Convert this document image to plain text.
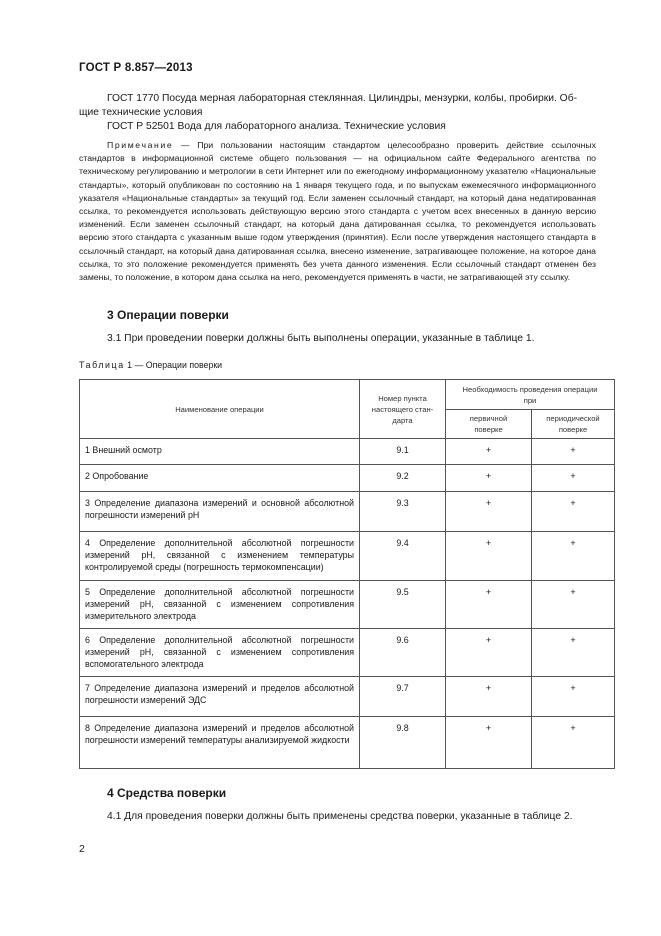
ГОСТ Р 8.857—2013
ГОСТ 1770 Посуда мерная лабораторная стеклянная. Цилиндры, мензурки, колбы, пробирки. Об-
щие технические условия
ГОСТ Р 52501 Вода для лабораторного анализа. Технические условия
Примечание — При пользовании настоящим стандартом целесообразно проверить действие ссылочных стандартов в информационной системе общего пользования — на официальном сайте Федерального агентства по техническому регулированию и метрологии в сети Интернет или по ежегодному информационному указателю «Национальные стандарты», который опубликован по состоянию на 1 января текущего года, и по выпускам ежемесячного информационного указателя «Национальные стандарты» за текущий год. Если заменен ссылочный стандарт, на который дана недатированная ссылка, то рекомендуется использовать действующую версию этого стандарта с учетом всех внесенных в данную версию изменений. Если заменен ссылочный стандарт, на который дана датированная ссылка, то рекомендуется использовать версию этого стандарта с указанным выше годом утверждения (принятия). Если после утверждения настоящего стандарта в ссылочный стандарт, на который дана датированная ссылка, внесено изменение, затрагивающее положение, на которое дана ссылка, то это положение рекомендуется применять без учета данного изменения. Если ссылочный стандарт отменен без замены, то положение, в котором дана ссылка на него, рекомендуется применять в части, не затрагивающей эту ссылку.
3 Операции поверки
3.1 При проведении поверки должны быть выполнены операции, указанные в таблице 1.
Таблица 1 — Операции поверки
Наименование операции	Номер пункта настоящего стан-дарта	Необходимость проведения операции при	
		первичной поверке	периодической поверке
1 Внешний осмотр	9.1	+	+
2 Опробование	9.2	+	+
3 Определение диапазона измерений и основной абсолютной погрешности измерений pH	9.3	+	+
4 Определение дополнительной абсолютной погрешности измерений pH, связанной с изменением температуры контролируемой среды (погрешность термокомпенсации)	9.4	+	+
5 Определение дополнительной абсолютной погрешности измерений pH, связанной с изменением сопротивления измерительного электрода	9.5	+	+
6 Определение дополнительной абсолютной погрешности измерений pH, связанной с изменением сопротивления вспомогательного электрода	9.6	+	+
7 Определение диапазона измерений и пределов абсолютной погрешности измерений ЭДС	9.7	+	+
8 Определение диапазона измерений и пределов абсолютной погрешности измерений температуры анализируемой жидкости	9.8	+	+
4 Средства поверки
4.1 Для проведения поверки должны быть применены средства поверки, указанные в таблице 2.
2
